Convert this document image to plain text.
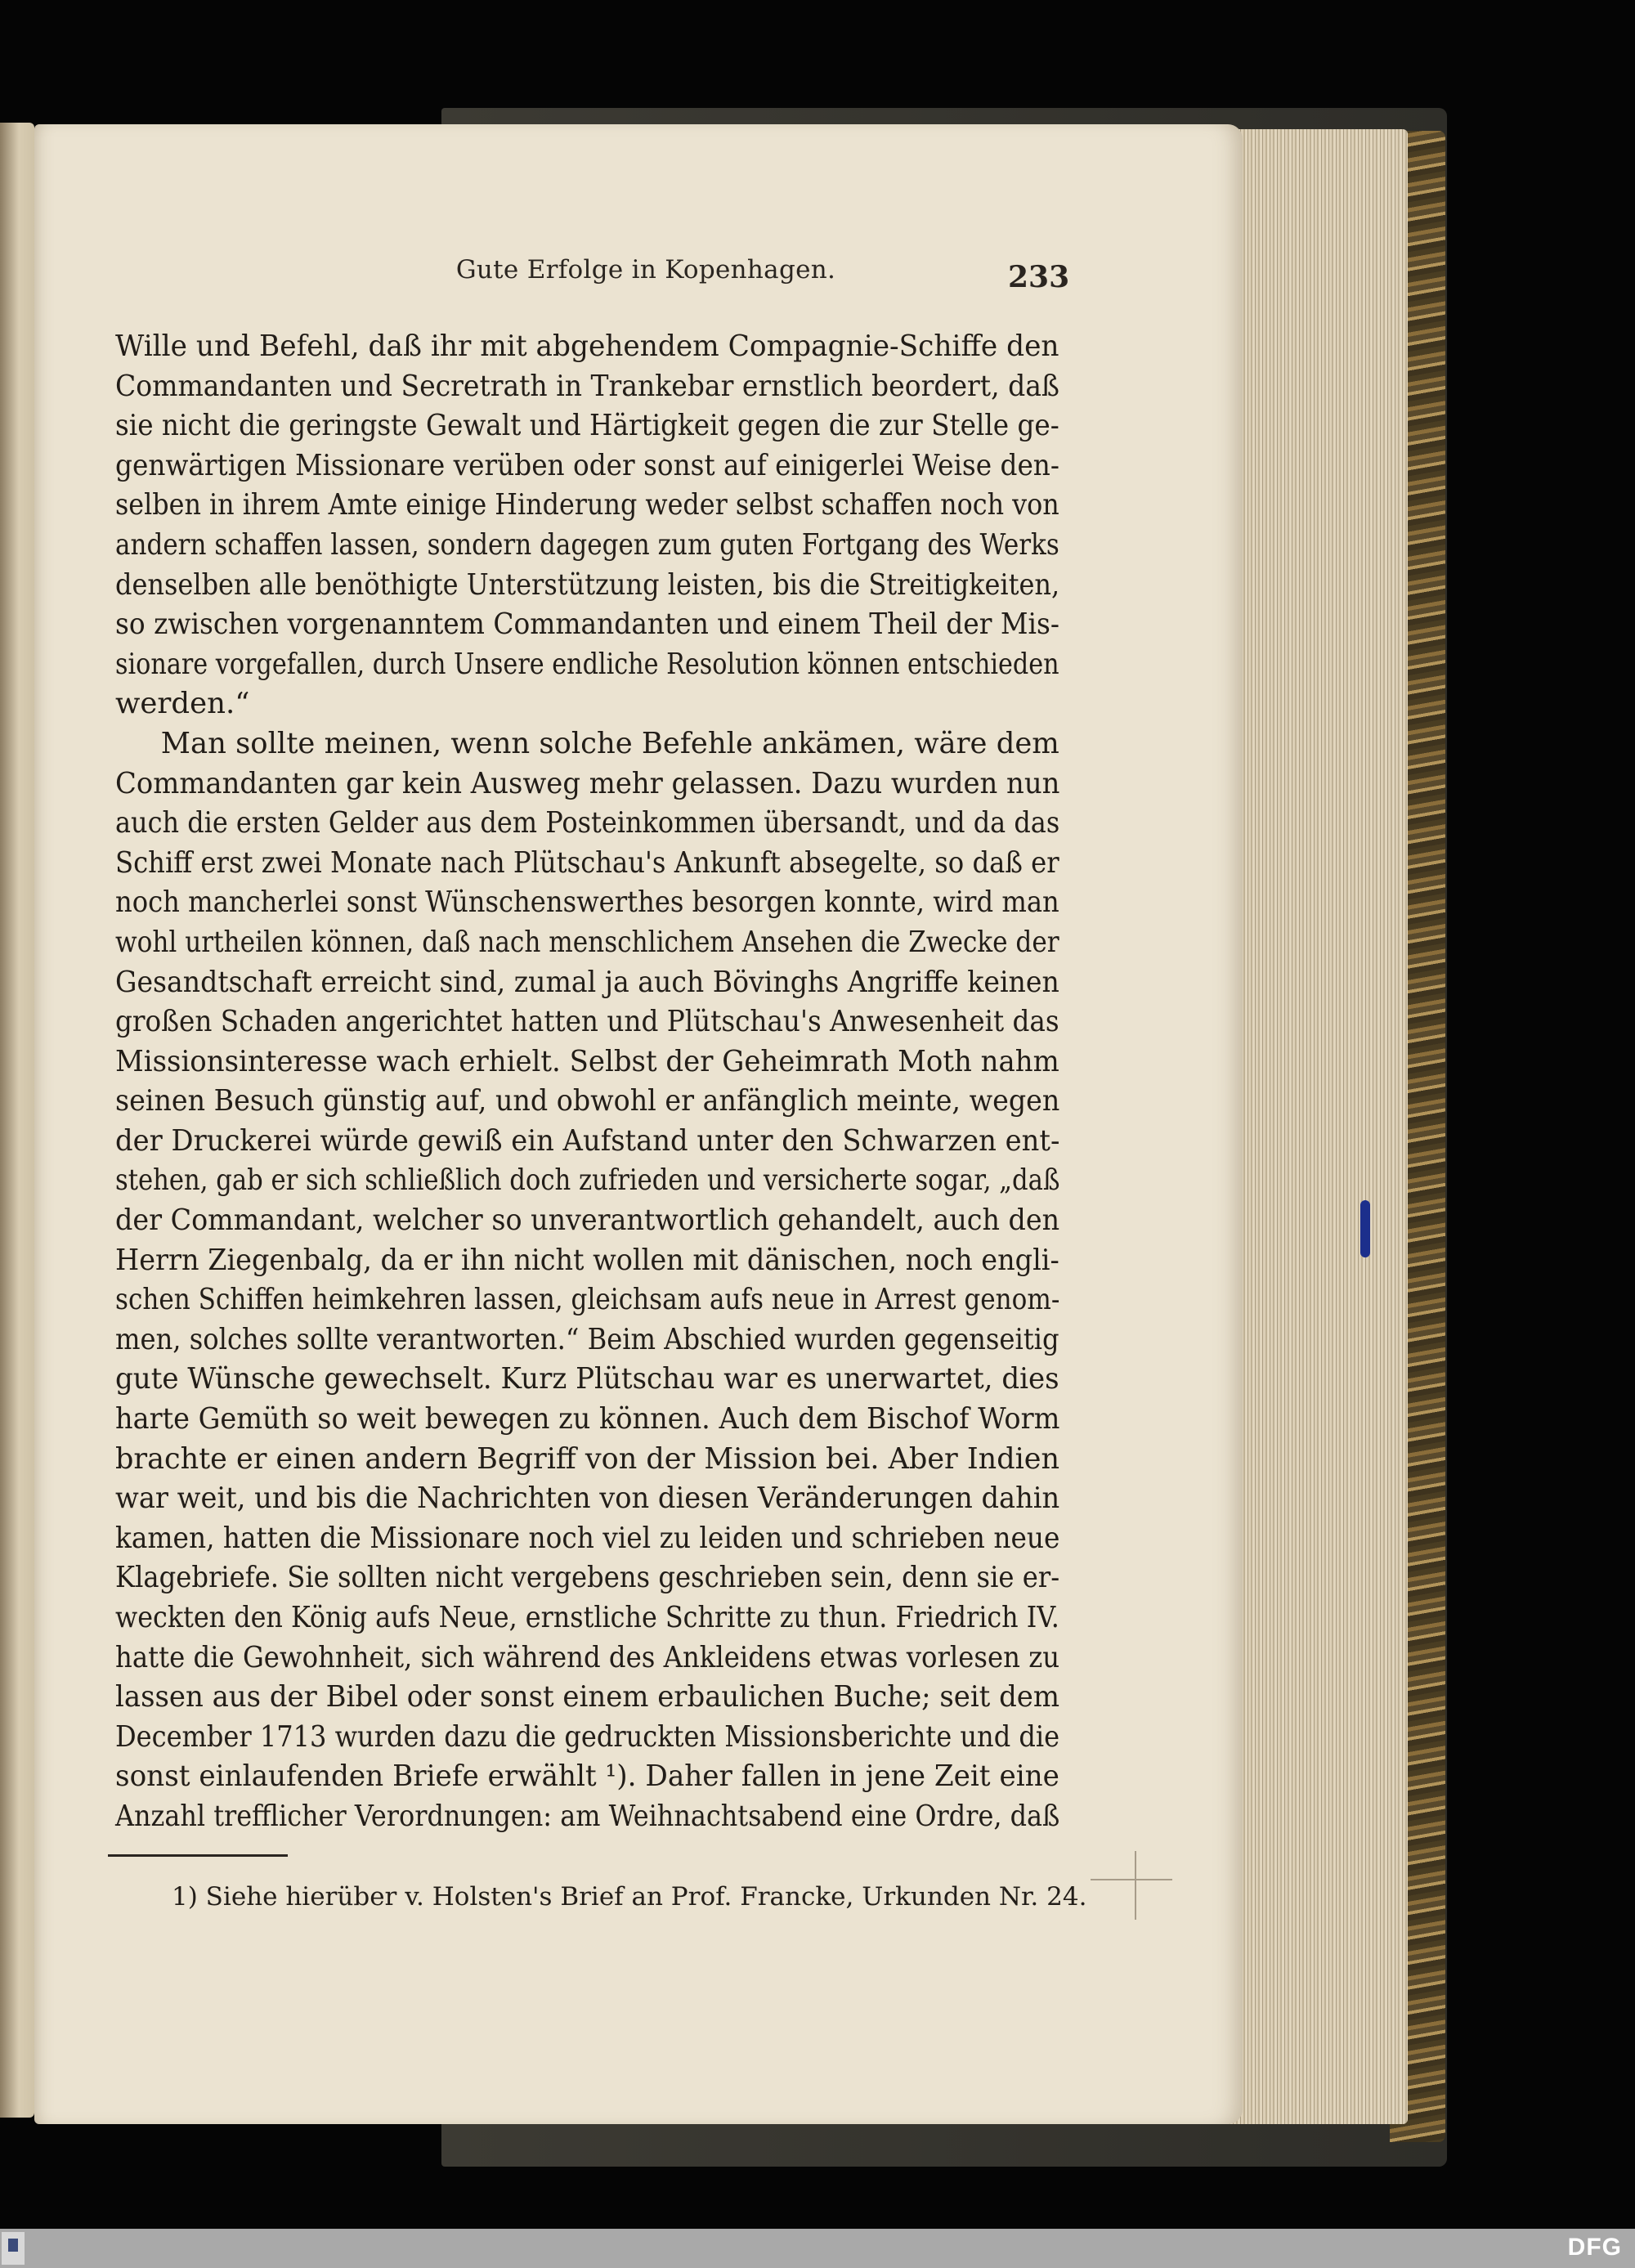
Gute Erfolge in Kopenhagen.	233
Wille und Befehl, daß ihr mit abgehendem Compagnie-Schiffe den
Commandanten und Secretrath in Trankebar ernstlich beordert, daß
sie nicht die geringste Gewalt und Härtigkeit gegen die zur Stelle ge-
genwärtigen Missionare verüben oder sonst auf einigerlei Weise den-
selben in ihrem Amte einige Hinderung weder selbst schaffen noch von
andern schaffen lassen, sondern dagegen zum guten Fortgang des Werks
denselben alle benöthigte Unterstützung leisten, bis die Streitigkeiten,
so zwischen vorgenanntem Commandanten und einem Theil der Mis-
sionare vorgefallen, durch Unsere endliche Resolution können entschieden
werden.“
Man sollte meinen, wenn solche Befehle ankämen, wäre dem
Commandanten gar kein Ausweg mehr gelassen. Dazu wurden nun
auch die ersten Gelder aus dem Posteinkommen übersandt, und da das
Schiff erst zwei Monate nach Plütschau's Ankunft absegelte, so daß er
noch mancherlei sonst Wünschenswerthes besorgen konnte, wird man
wohl urtheilen können, daß nach menschlichem Ansehen die Zwecke der
Gesandtschaft erreicht sind, zumal ja auch Bövinghs Angriffe keinen
großen Schaden angerichtet hatten und Plütschau's Anwesenheit das
Missionsinteresse wach erhielt. Selbst der Geheimrath Moth nahm
seinen Besuch günstig auf, und obwohl er anfänglich meinte, wegen
der Druckerei würde gewiß ein Aufstand unter den Schwarzen ent-
stehen, gab er sich schließlich doch zufrieden und versicherte sogar, „daß
der Commandant, welcher so unverantwortlich gehandelt, auch den
Herrn Ziegenbalg, da er ihn nicht wollen mit dänischen, noch engli-
schen Schiffen heimkehren lassen, gleichsam aufs neue in Arrest genom-
men, solches sollte verantworten.“ Beim Abschied wurden gegenseitig
gute Wünsche gewechselt. Kurz Plütschau war es unerwartet, dies
harte Gemüth so weit bewegen zu können. Auch dem Bischof Worm
brachte er einen andern Begriff von der Mission bei. Aber Indien
war weit, und bis die Nachrichten von diesen Veränderungen dahin
kamen, hatten die Missionare noch viel zu leiden und schrieben neue
Klagebriefe. Sie sollten nicht vergebens geschrieben sein, denn sie er-
weckten den König aufs Neue, ernstliche Schritte zu thun. Friedrich IV.
hatte die Gewohnheit, sich während des Ankleidens etwas vorlesen zu
lassen aus der Bibel oder sonst einem erbaulichen Buche; seit dem
December 1713 wurden dazu die gedruckten Missionsberichte und die
sonst einlaufenden Briefe erwählt ¹). Daher fallen in jene Zeit eine
Anzahl trefflicher Verordnungen: am Weihnachtsabend eine Ordre, daß
1) Siehe hierüber v. Holsten's Brief an Prof. Francke, Urkunden Nr. 24.
DFG
